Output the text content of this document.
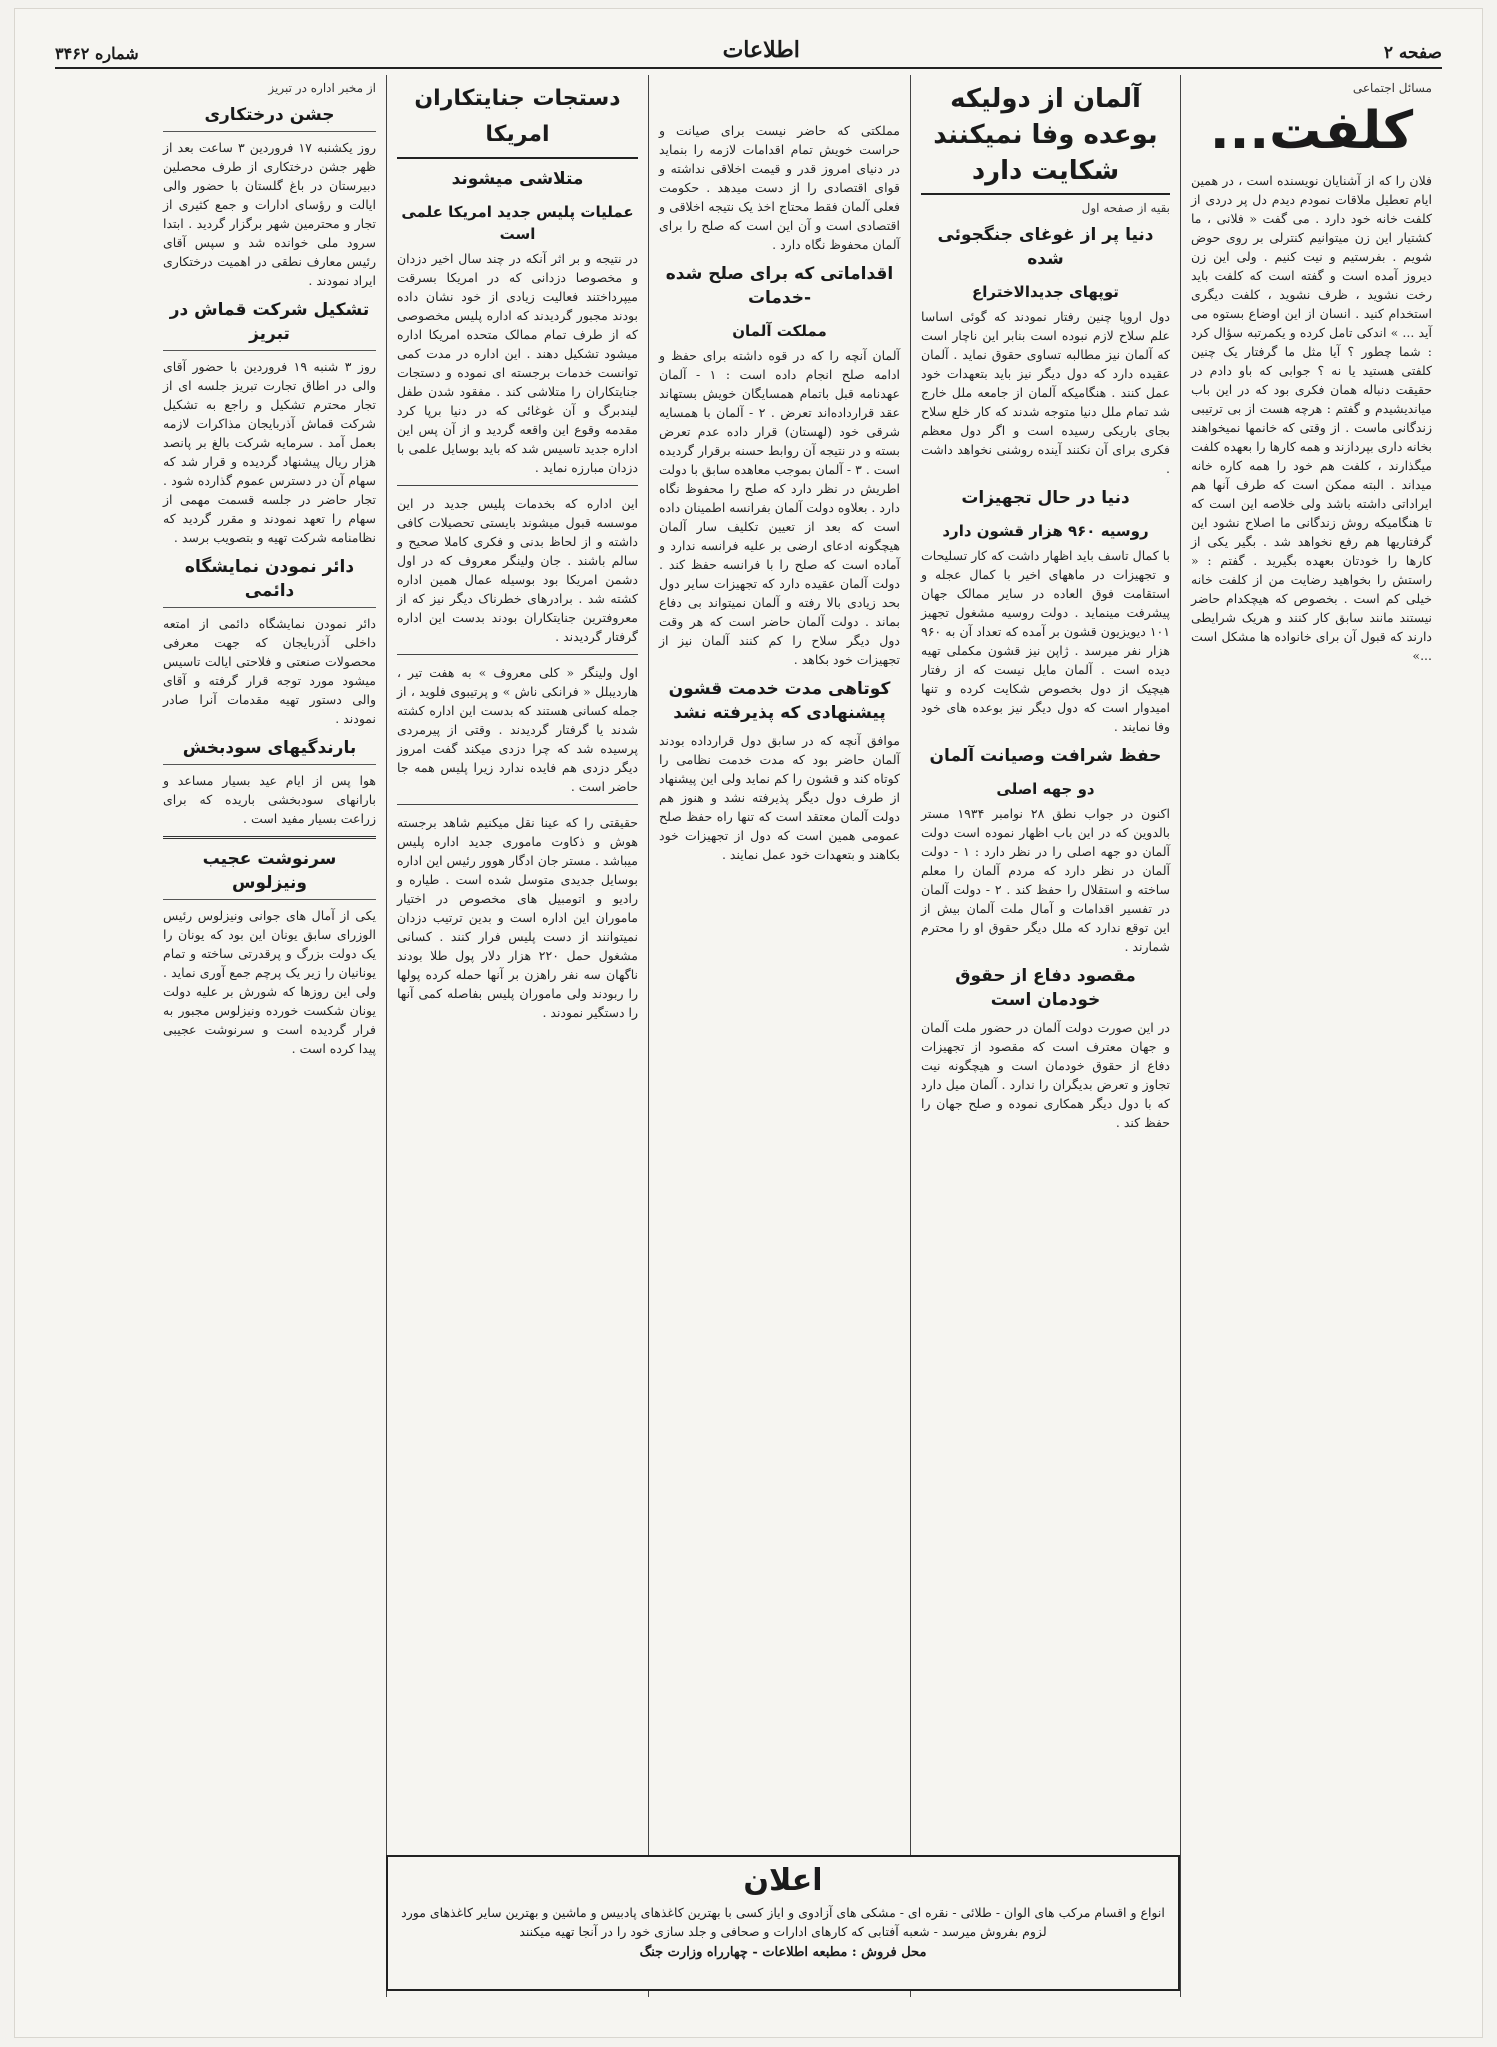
صفحه ۲
اطلاعات
شماره ۳۴۶۲
مسائل اجتماعی
کلفت...
فلان را که از آشنایان نویسنده است ، در همین ایام تعطیل ملاقات نمودم دیدم دل پر دردی از کلفت خانه خود دارد . می گفت « فلانی ، ما کشتیار این زن میتوانیم کنترلی بر روی حوض شویم . بفرستیم و نیت کنیم . ولی این زن دیروز آمده است و گفته است که کلفت باید رخت نشوید ، ظرف نشوید ، کلفت دیگری استخدام کنید . انسان از این اوضاع بستوه می آید ... » اندکی تامل کرده و یکمرتبه سؤال کرد : شما چطور ؟ آیا مثل ما گرفتار یک چنین کلفتی هستید یا نه ؟ جوابی که باو دادم در حقیقت دنباله همان فکری بود که در این باب میاندیشیدم و گفتم : هرچه هست از بی ترتیبی زندگانی ماست . از وقتی که خانمها نمیخواهند بخانه داری بپردازند و همه کارها را بعهده کلفت میگذارند ، کلفت هم خود را همه کاره خانه میداند . البته ممکن است که طرف آنها هم ایراداتی داشته باشد ولی خلاصه این است که تا هنگامیکه روش زندگانی ما اصلاح نشود این گرفتاریها هم رفع نخواهد شد . بگیر یکی از کارها را خودتان بعهده بگیرید . گفتم : « راستش را بخواهید رضایت من از کلفت خانه خیلی کم است . بخصوص که هیچکدام حاضر نیستند مانند سابق کار کنند و هریک شرایطی دارند که قبول آن برای خانواده ها مشکل است ...»
آلمان از دولیکه بوعده وفا نمیکنند شکایت دارد
بقیه از صفحه اول
دنیا پر از غوغای جنگجوئی شده
توپهای جدیدالاختراع
دول اروپا چنین رفتار نمودند که گوئی اساسا علم سلاح لازم نبوده است بنابر این ناچار است که آلمان نیز مطالبه تساوی حقوق نماید . آلمان عقیده دارد که دول دیگر نیز باید بتعهدات خود عمل کنند . هنگامیکه آلمان از جامعه ملل خارج شد تمام ملل دنیا متوجه شدند که کار خلع سلاح بجای باریکی رسیده است و اگر دول معظم فکری برای آن نکنند آینده روشنی نخواهد داشت .
دنیا در حال تجهیزات
روسیه ۹۶۰ هزار قشون دارد
با کمال تاسف باید اظهار داشت که کار تسلیحات و تجهیزات در ماههای اخیر با کمال عجله و استقامت فوق العاده در سایر ممالک جهان پیشرفت مینماید . دولت روسیه مشغول تجهیز ۱۰۱ دیویزیون قشون بر آمده که تعداد آن به ۹۶۰ هزار نفر میرسد . ژاپن نیز قشون مکملی تهیه دیده است . آلمان مایل نیست که از رفتار هیچیک از دول بخصوص شکایت کرده و تنها امیدوار است که دول دیگر نیز بوعده های خود وفا نمایند .
حفظ شرافت وصیانت آلمان
دو جهه اصلی
اکنون در جواب نطق ۲۸ نوامبر ۱۹۳۴ مستر بالدوین که در این باب اظهار نموده است دولت آلمان دو جهه اصلی را در نظر دارد : ۱ - دولت آلمان در نظر دارد که مردم آلمان را معلم ساخته و استقلال را حفظ کند . ۲ - دولت آلمان در تفسیر اقدامات و آمال ملت آلمان بیش از این توقع ندارد که ملل دیگر حقوق او را محترم شمارند .
مقصود دفاع از حقوق خودمان است
در این صورت دولت آلمان در حضور ملت آلمان و جهان معترف است که مقصود از تجهیزات دفاع از حقوق خودمان است و هیچگونه نیت تجاوز و تعرض بدیگران را ندارد . آلمان میل دارد که با دول دیگر همکاری نموده و صلح جهان را حفظ کند .
مملکتی که حاضر نیست برای صیانت و حراست خویش تمام اقدامات لازمه را بنماید در دنیای امروز قدر و قیمت اخلاقی نداشته و قوای اقتصادی را از دست میدهد . حکومت فعلی آلمان فقط محتاج اخذ یک نتیجه اخلاقی و اقتصادی است و آن این است که صلح را برای آلمان محفوظ نگاه دارد .
اقداماتی که برای صلح شده -خدمات
مملکت آلمان
آلمان آنچه را که در قوه داشته برای حفظ و ادامه صلح انجام داده است : ۱ - آلمان عهدنامه قبل باتمام همسایگان خویش بستهاند عقد قرارداده‌اند تعرض . ۲ - آلمان با همسایه شرقی خود (لهستان) قرار داده عدم تعرض بسته و در نتیجه آن روابط حسنه برقرار گردیده است . ۳ - آلمان بموجب معاهده سابق با دولت اطریش در نظر دارد که صلح را محفوظ نگاه دارد . بعلاوه دولت آلمان بفرانسه اطمینان داده است که بعد از تعیین تکلیف سار آلمان هیچگونه ادعای ارضی بر علیه فرانسه ندارد و آماده است که صلح را با فرانسه حفظ کند . دولت آلمان عقیده دارد که تجهیزات سایر دول بحد زیادی بالا رفته و آلمان نمیتواند بی دفاع بماند . دولت آلمان حاضر است که هر وقت دول دیگر سلاح را کم کنند آلمان نیز از تجهیزات خود بکاهد .
کوتاهی مدت خدمت قشون پیشنهادی که پذیرفته نشد
موافق آنچه که در سابق دول قرارداده بودند آلمان حاضر بود که مدت خدمت نظامی را کوتاه کند و قشون را کم نماید ولی این پیشنهاد از طرف دول دیگر پذیرفته نشد و هنوز هم دولت آلمان معتقد است که تنها راه حفظ صلح عمومی همین است که دول از تجهیزات خود بکاهند و بتعهدات خود عمل نمایند .
دستجات جنایتکاران امریکا
متلاشی میشوند
عملیات پلیس جدید امریکا علمی است
در نتیجه و بر اثر آنکه در چند سال اخیر دزدان و مخصوصا دزدانی که در امریکا بسرقت میپرداختند فعالیت زیادی از خود نشان داده بودند مجبور گردیدند که اداره پلیس مخصوصی که از طرف تمام ممالک متحده امریکا اداره میشود تشکیل دهند . این اداره در مدت کمی توانست خدمات برجسته ای نموده و دستجات جنایتکاران را متلاشی کند . مفقود شدن طفل لیندبرگ و آن غوغائی که در دنیا برپا کرد مقدمه وقوع این واقعه گردید و از آن پس این اداره جدید تاسیس شد که باید بوسایل علمی با دزدان مبارزه نماید .
این اداره که بخدمات پلیس جدید در این موسسه قبول میشوند بایستی تحصیلات کافی داشته و از لحاظ بدنی و فکری کاملا صحیح و سالم باشند . جان ولینگر معروف که در اول دشمن امریکا بود بوسیله عمال همین اداره کشته شد . برادرهای خطرناک دیگر نیز که از معروفترین جنایتکاران بودند بدست این اداره گرفتار گردیدند .
اول ولینگر « کلی معروف » به هفت تیر ، هاردیبلل « فرانکی ناش » و پرتیبوی فلوید ، از جمله کسانی هستند که بدست این اداره کشته شدند یا گرفتار گردیدند . وقتی از پیرمردی پرسیده شد که چرا دزدی میکند گفت امروز دیگر دزدی هم فایده ندارد زیرا پلیس همه جا حاضر است .
حقیقتی را که عینا نقل میکنیم شاهد برجسته هوش و ذکاوت ماموری جدید اداره پلیس میباشد . مستر جان ادگار هوور رئیس این اداره بوسایل جدیدی متوسل شده است . طیاره و رادیو و اتومبیل های مخصوص در اختیار ماموران این اداره است و بدین ترتیب دزدان نمیتوانند از دست پلیس فرار کنند . کسانی مشغول حمل ۲۲۰ هزار دلار پول طلا بودند ناگهان سه نفر راهزن بر آنها حمله کرده پولها را ربودند ولی ماموران پلیس بفاصله کمی آنها را دستگیر نمودند .
از مخبر اداره در تبریز
جشن درختکاری
روز یکشنبه ۱۷ فروردین ۳ ساعت بعد از ظهر جشن درختکاری از طرف محصلین دبیرستان در باغ گلستان با حضور والی ایالت و رؤسای ادارات و جمع کثیری از تجار و محترمین شهر برگزار گردید . ابتدا سرود ملی خوانده شد و سپس آقای رئیس معارف نطقی در اهمیت درختکاری ایراد نمودند .
تشکیل شرکت قماش در تبریز
روز ۳ شنبه ۱۹ فروردین با حضور آقای والی در اطاق تجارت تبریز جلسه ای از تجار محترم تشکیل و راجع به تشکیل شرکت قماش آذربایجان مذاکرات لازمه بعمل آمد . سرمایه شرکت بالغ بر پانصد هزار ریال پیشنهاد گردیده و قرار شد که سهام آن در دسترس عموم گذارده شود . تجار حاضر در جلسه قسمت مهمی از سهام را تعهد نمودند و مقرر گردید که نظامنامه شرکت تهیه و بتصویب برسد .
دائر نمودن نمایشگاه دائمی
دائر نمودن نمایشگاه دائمی از امتعه داخلی آذربایجان که جهت معرفی محصولات صنعتی و فلاحتی ایالت تاسیس میشود مورد توجه قرار گرفته و آقای والی دستور تهیه مقدمات آنرا صادر نمودند .
بارندگیهای سودبخش
هوا پس از ایام عید بسیار مساعد و بارانهای سودبخشی باریده که برای زراعت بسیار مفید است .
سرنوشت عجیب ونیزلوس
یکی از آمال های جوانی ونیزلوس رئیس الوزرای سابق یونان این بود که یونان را یک دولت بزرگ و پرقدرتی ساخته و تمام یونانیان را زیر یک پرچم جمع آوری نماید . ولی این روزها که شورش بر علیه دولت یونان شکست خورده ونیزلوس مجبور به فرار گردیده است و سرنوشت عجیبی پیدا کرده است .
اعلان
انواع و اقسام مرکب های الوان - طلائی - نقره ای - مشکی های آزادوی و ایاز کسی با بهترین کاغذهای پادبیس و ماشین و بهترین سایر کاغذهای مورد لزوم بفروش میرسد - شعبه آفتابی که کارهای ادارات و صحافی و جلد سازی خود را در آنجا تهیه میکنند
محل فروش : مطبعه اطلاعات - چهارراه وزارت جنگ
